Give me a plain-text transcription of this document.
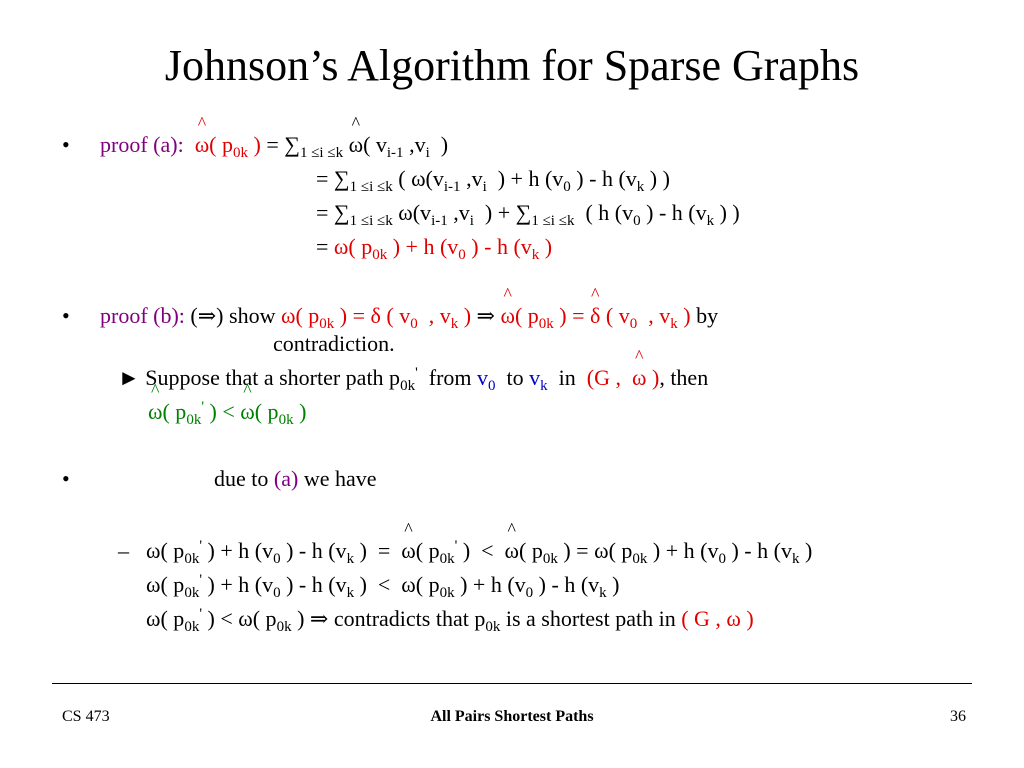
Johnson’s Algorithm for Sparse Graphs
• proof (a): ^ ω( $p_{0k}$ ) = $\sum_{1 \le i \le k}$ ^ ω( $v_{i-1}$ $,v_i$  )
= $\sum_{1 \le i \le k}$ ( $\omega(v_{i-1}$ $,v_i$  ) + h ($v_0$ ) - h ($v_k$ ) )
= $\sum_{1 \le i \le k}$ $\omega(v_{i-1}$ $,v_i$  ) + $\sum_{1 \le i \le k}$  ( h ($v_0$ ) - h ($v_k$ ) )
= ω( $p_{0k}$ ) + h ($v_0$ ) - h ($v_k$ )
• proof (b): (⇒) show ω( $p_{0k}$ ) = δ ( $v_0$  , $v_k$ ) ⇒ ^ ω( $p_{0k}$ ) = ^ δ ( $v_0$  , $v_k$ ) by
contradiction.
► Suppose that a shorter path $p_{0k}'$  from $v_0$  to $v_k$  in  (G ,  ^ ω ), then
^ ω( $p_{0k}'$ ) < ^ ω( $p_{0k}$ )
•	due to (a) we have
– ω( $p_{0k}'$ ) + h ($v_0$ ) - h ($v_k$ )  =  ^ ω( $p_{0k}'$ )  <  ^ ω( $p_{0k}$ ) = ω( $p_{0k}$ ) + h ($v_0$ ) - h ($v_k$ )
ω( $p_{0k}'$ ) + h ($v_0$ ) - h ($v_k$ )  <  ω( $p_{0k}$ ) + h ($v_0$ ) - h ($v_k$ )
ω( $p_{0k}'$ ) < ω( $p_{0k}$ ) ⇒ contradicts that $p_{0k}$ is a shortest path in ( G , ω )
CS 473	All Pairs Shortest Paths	36
